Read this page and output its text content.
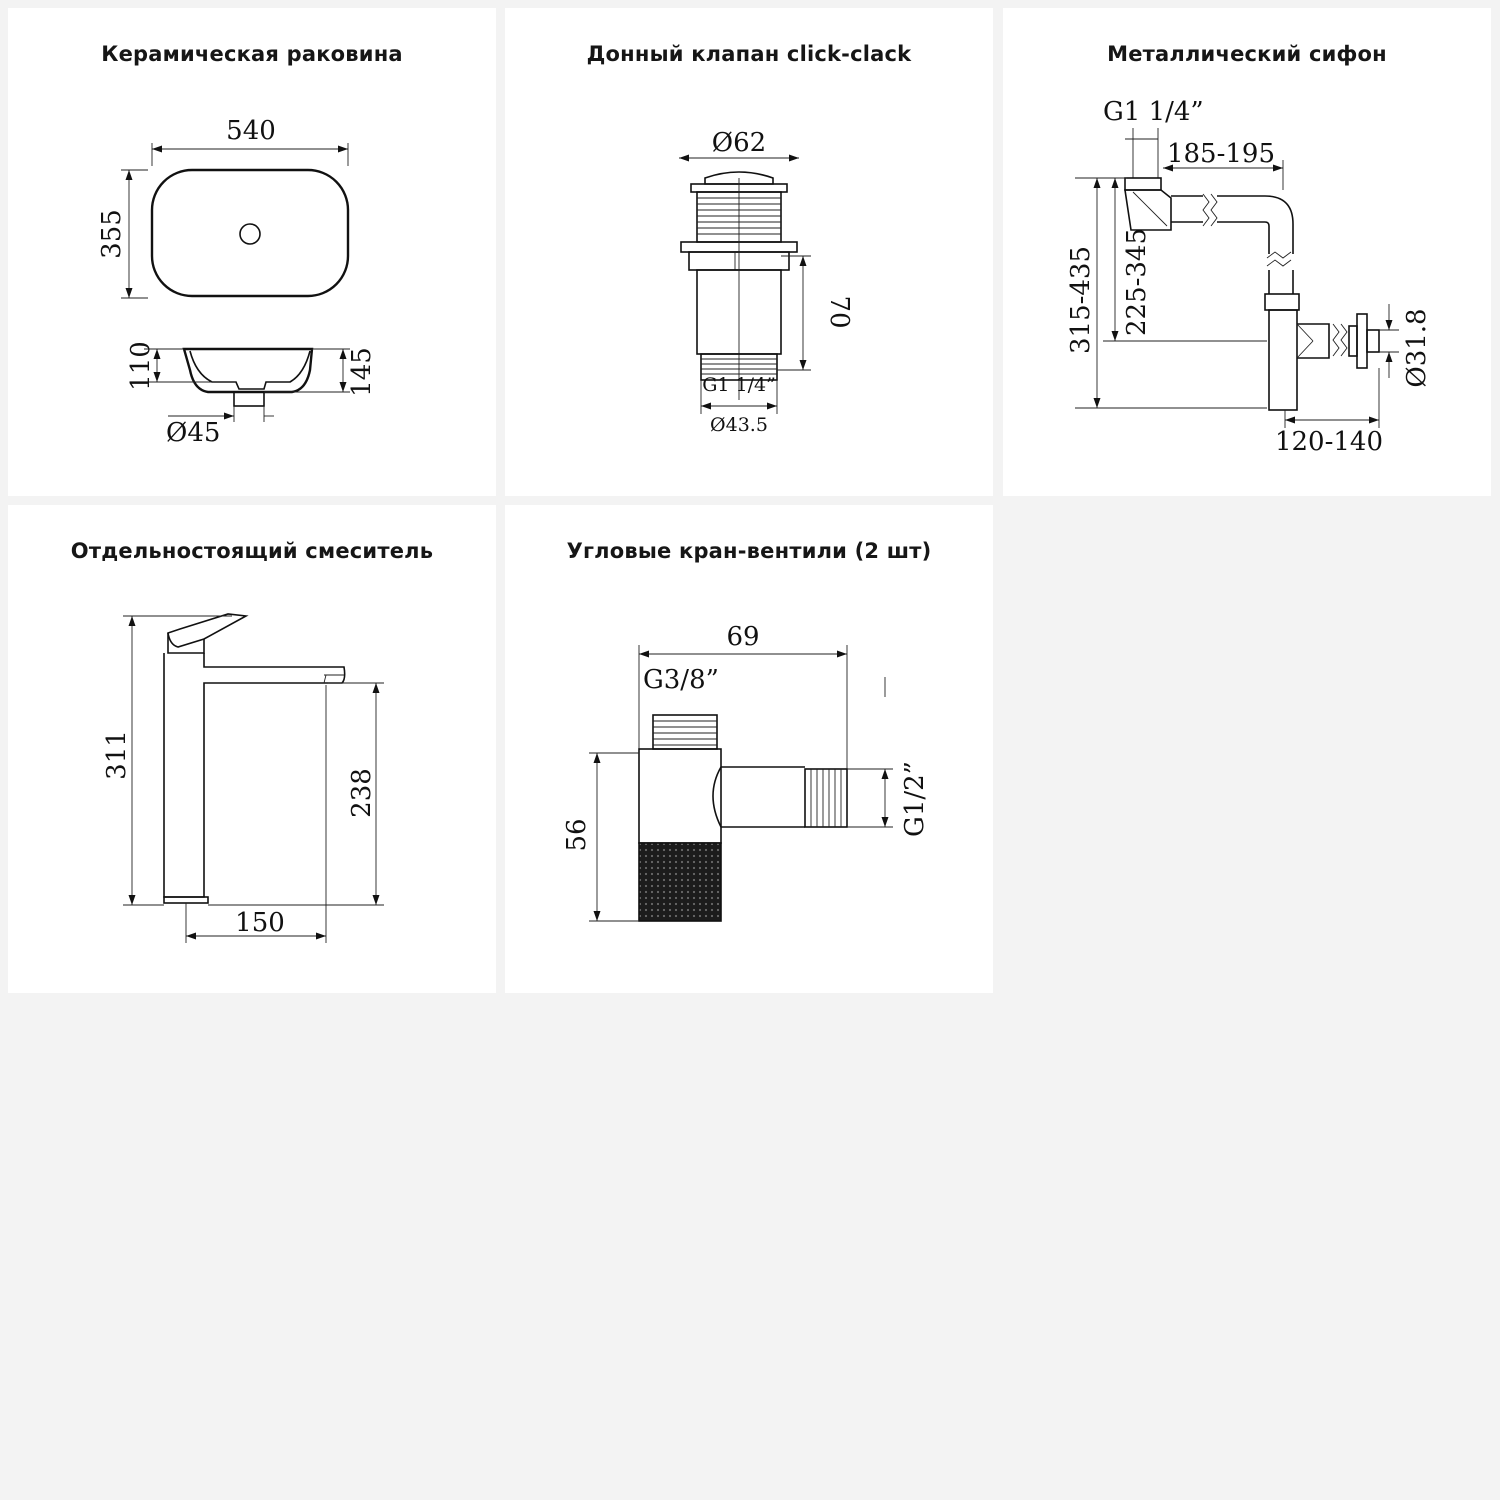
Керамическая раковина
540
355
110	145
Ø45
Донный клапан click-clack
Ø62
70
G1 1/4”
Ø43.5
Металлический сифон
G1 1/4”
185-195
315-435 225-345
Ø31.8
120-140
Отдельностоящий смеситель
311
238
150
Угловые кран-вентили (2 шт)
69
G3/8”
56	G1/2”
